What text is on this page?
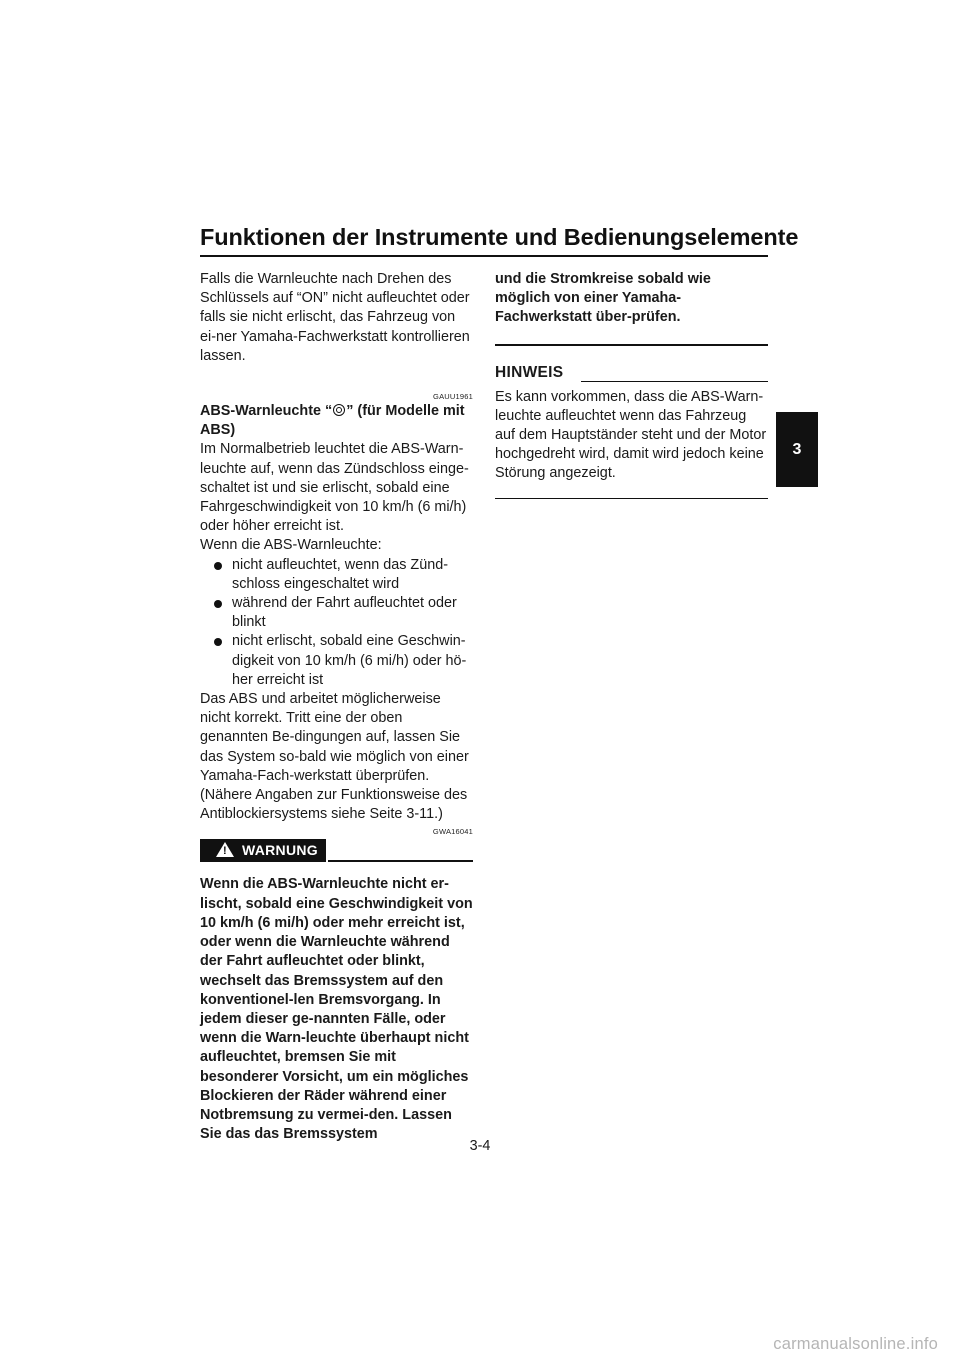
Funktionen der Instrumente und Bedienungselemente

Falls die Warnleuchte nach Drehen des Schlüssels auf “ON” nicht aufleuchtet oder falls sie nicht erlischt, das Fahrzeug von ei-ner Yamaha-Fachwerkstatt kontrollieren lassen.

GAUU1961

ABS-Warnleuchte “ ” (für Modelle mit ABS)

Im Normalbetrieb leuchtet die ABS-Warn-leuchte auf, wenn das Zündschloss einge-schaltet ist und sie erlischt, sobald eine Fahrgeschwindigkeit von 10 km/h (6 mi/h) oder höher erreicht ist.

Wenn die ABS-Warnleuchte:

nicht aufleuchtet, wenn das Zünd-schloss eingeschaltet wird
während der Fahrt aufleuchtet oder blinkt
nicht erlischt, sobald eine Geschwin-digkeit von 10 km/h (6 mi/h) oder hö-her erreicht ist

Das ABS und arbeitet möglicherweise nicht korrekt. Tritt eine der oben genannten Be-dingungen auf, lassen Sie das System so-bald wie möglich von einer Yamaha-Fach-werkstatt überprüfen. (Nähere Angaben zur Funktionsweise des Antiblockiersystems siehe Seite 3-11.)

GWA16041
! WARNUNG

Wenn die ABS-Warnleuchte nicht er-lischt, sobald eine Geschwindigkeit von 10 km/h (6 mi/h) oder mehr erreicht ist, oder wenn die Warnleuchte während der Fahrt aufleuchtet oder blinkt, wechselt das Bremssystem auf den konventionel-len Bremsvorgang. In jedem dieser ge-nannten Fälle, oder wenn die Warn-leuchte überhaupt nicht aufleuchtet, bremsen Sie mit besonderer Vorsicht, um ein mögliches Blockieren der Räder während einer Notbremsung zu vermei-den. Lassen Sie das das Bremssystem

und die Stromkreise sobald wie möglich von einer Yamaha-Fachwerkstatt über-prüfen.

HINWEIS

Es kann vorkommen, dass die ABS-Warn-leuchte aufleuchtet wenn das Fahrzeug auf dem Hauptständer steht und der Motor hochgedreht wird, damit wird jedoch keine Störung angezeigt.

3
3-4
carmanualsonline.info
